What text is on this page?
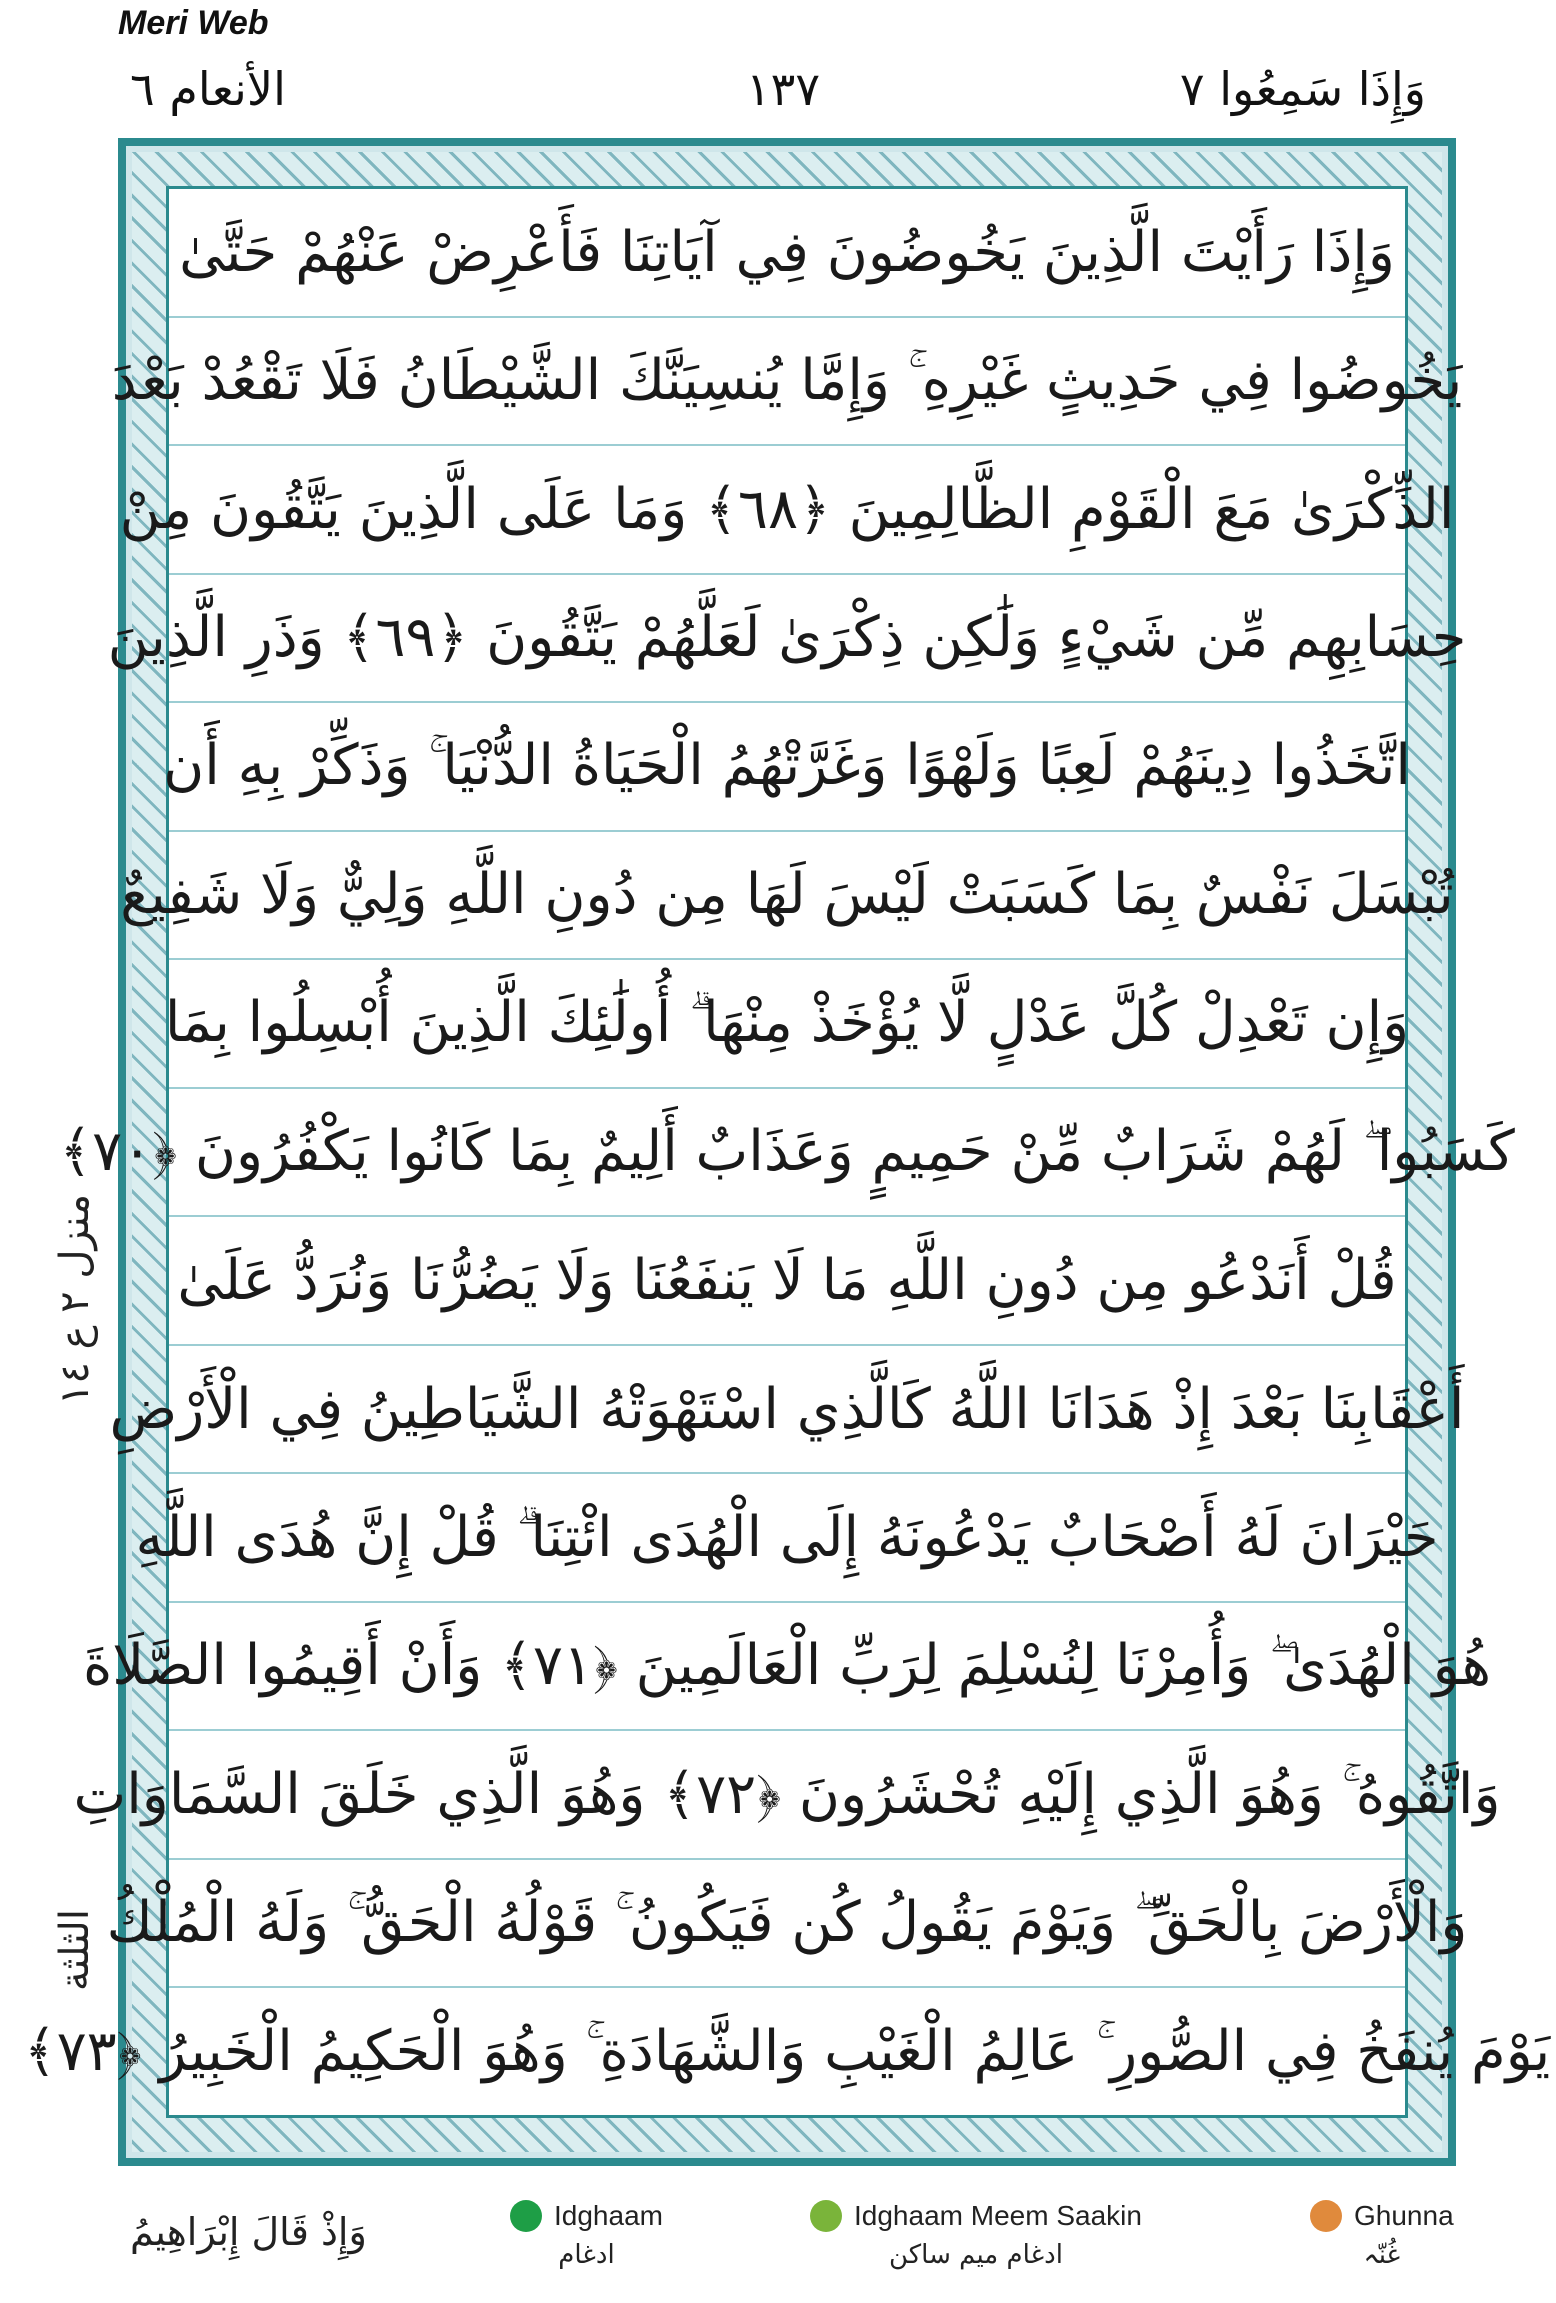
Meri Web
وَإِذَا سَمِعُوا ٧
١٣٧
الأنعام ٦
منزل ٢ ع ١٤
الثلثة
وَإِذَا رَأَيْتَ الَّذِينَ يَخُوضُونَ فِي آيَاتِنَا فَأَعْرِضْ عَنْهُمْ حَتَّىٰ
يَخُوضُوا فِي حَدِيثٍ غَيْرِهِ ۚ وَإِمَّا يُنسِيَنَّكَ الشَّيْطَانُ فَلَا تَقْعُدْ بَعْدَ
الذِّكْرَىٰ مَعَ الْقَوْمِ الظَّالِمِينَ ﴿٦٨﴾ وَمَا عَلَى الَّذِينَ يَتَّقُونَ مِنْ
حِسَابِهِم مِّن شَيْءٍ وَلَٰكِن ذِكْرَىٰ لَعَلَّهُمْ يَتَّقُونَ ﴿٦٩﴾ وَذَرِ الَّذِينَ
اتَّخَذُوا دِينَهُمْ لَعِبًا وَلَهْوًا وَغَرَّتْهُمُ الْحَيَاةُ الدُّنْيَا ۚ وَذَكِّرْ بِهِ أَن
تُبْسَلَ نَفْسٌ بِمَا كَسَبَتْ لَيْسَ لَهَا مِن دُونِ اللَّهِ وَلِيٌّ وَلَا شَفِيعٌ
وَإِن تَعْدِلْ كُلَّ عَدْلٍ لَّا يُؤْخَذْ مِنْهَا ۗ أُولَٰئِكَ الَّذِينَ أُبْسِلُوا بِمَا
كَسَبُوا ۖ لَهُمْ شَرَابٌ مِّنْ حَمِيمٍ وَعَذَابٌ أَلِيمٌ بِمَا كَانُوا يَكْفُرُونَ ﴿٧٠﴾
قُلْ أَنَدْعُو مِن دُونِ اللَّهِ مَا لَا يَنفَعُنَا وَلَا يَضُرُّنَا وَنُرَدُّ عَلَىٰ
أَعْقَابِنَا بَعْدَ إِذْ هَدَانَا اللَّهُ كَالَّذِي اسْتَهْوَتْهُ الشَّيَاطِينُ فِي الْأَرْضِ
حَيْرَانَ لَهُ أَصْحَابٌ يَدْعُونَهُ إِلَى الْهُدَى ائْتِنَا ۗ قُلْ إِنَّ هُدَى اللَّهِ
هُوَ الْهُدَىٰ ۖ وَأُمِرْنَا لِنُسْلِمَ لِرَبِّ الْعَالَمِينَ ﴿٧١﴾ وَأَنْ أَقِيمُوا الصَّلَاةَ
وَاتَّقُوهُ ۚ وَهُوَ الَّذِي إِلَيْهِ تُحْشَرُونَ ﴿٧٢﴾ وَهُوَ الَّذِي خَلَقَ السَّمَاوَاتِ
وَالْأَرْضَ بِالْحَقِّ ۖ وَيَوْمَ يَقُولُ كُن فَيَكُونُ ۚ قَوْلُهُ الْحَقُّ ۚ وَلَهُ الْمُلْكُ
يَوْمَ يُنفَخُ فِي الصُّورِ ۚ عَالِمُ الْغَيْبِ وَالشَّهَادَةِ ۚ وَهُوَ الْحَكِيمُ الْخَبِيرُ ﴿٧٣﴾
وَإِذْ قَالَ إِبْرَاهِيمُ	Idghaam
ادغام
Idghaam Meem Saakin
ادغام میم ساکن
Ghunna
غُنّہ
